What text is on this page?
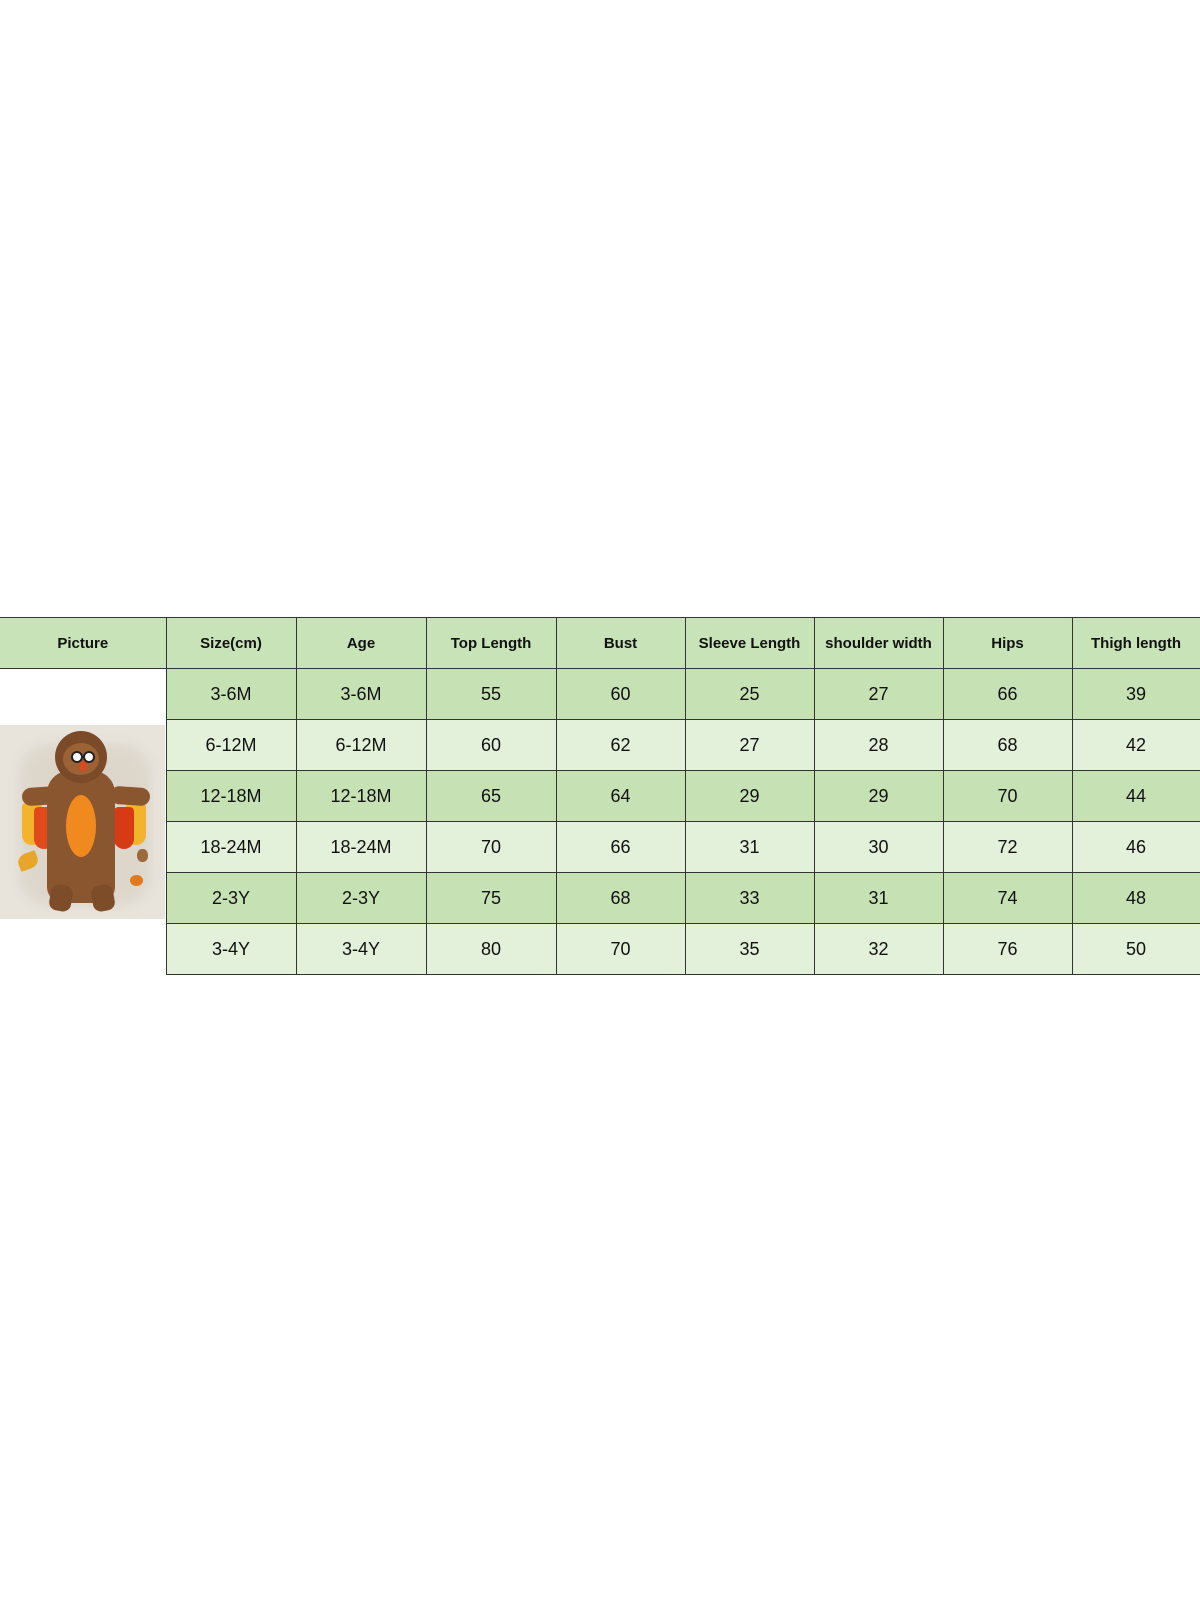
Picture	Size(cm)	Age	Top Length	Bust	Sleeve Length	shoulder width	Hips	Thigh length

	3-6M	3-6M	55	60	25	27	66	39
	6-12M	6-12M	60	62	27	28	68	42
	12-18M	12-18M	65	64	29	29	70	44
	18-24M	18-24M	70	66	31	30	72	46
	2-3Y	2-3Y	75	68	33	31	74	48
	3-4Y	3-4Y	80	70	35	32	76	50
